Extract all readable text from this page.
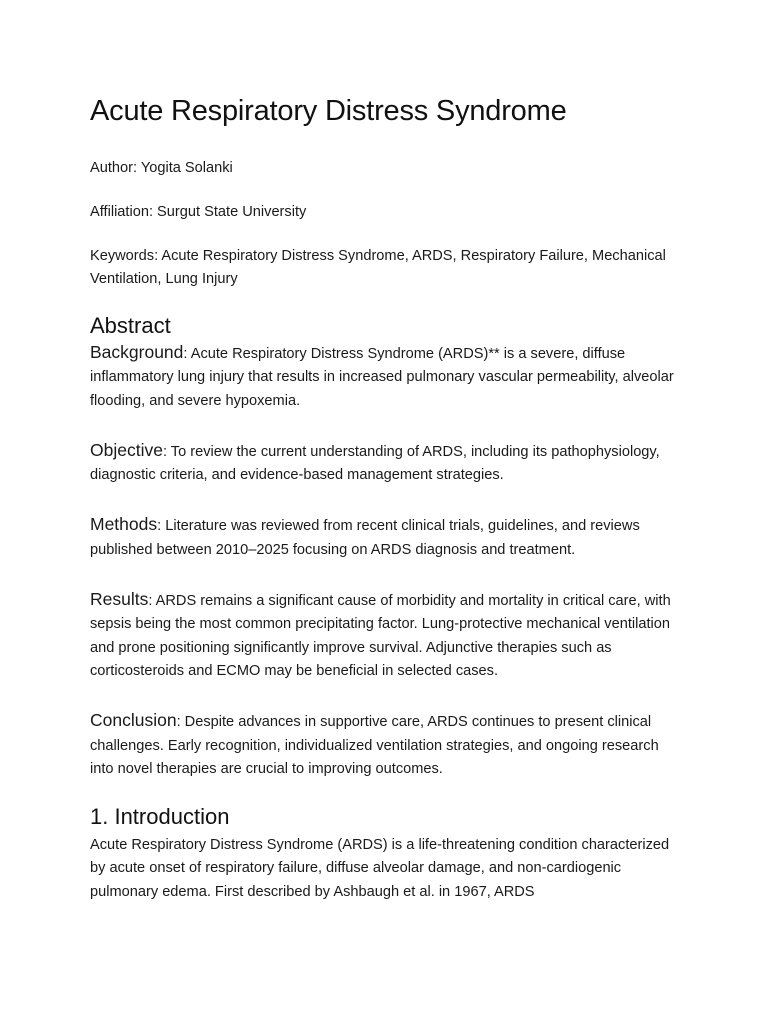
Acute Respiratory Distress Syndrome

Author: Yogita Solanki

Affiliation: Surgut State University

Keywords: Acute Respiratory Distress Syndrome, ARDS, Respiratory Failure, Mechanical Ventilation, Lung Injury

Abstract

Background: Acute Respiratory Distress Syndrome (ARDS)** is a severe, diffuse inflammatory lung injury that results in increased pulmonary vascular permeability, alveolar flooding, and severe hypoxemia.

Objective: To review the current understanding of ARDS, including its pathophysiology, diagnostic criteria, and evidence-based management strategies.

Methods: Literature was reviewed from recent clinical trials, guidelines, and reviews published between 2010–2025 focusing on ARDS diagnosis and treatment.

Results: ARDS remains a significant cause of morbidity and mortality in critical care, with sepsis being the most common precipitating factor. Lung-protective mechanical ventilation and prone positioning significantly improve survival. Adjunctive therapies such as corticosteroids and ECMO may be beneficial in selected cases.

Conclusion: Despite advances in supportive care, ARDS continues to present clinical challenges. Early recognition, individualized ventilation strategies, and ongoing research into novel therapies are crucial to improving outcomes.

1. Introduction

Acute Respiratory Distress Syndrome (ARDS) is a life-threatening condition characterized by acute onset of respiratory failure, diffuse alveolar damage, and non-cardiogenic pulmonary edema. First described by Ashbaugh et al. in 1967, ARDS
